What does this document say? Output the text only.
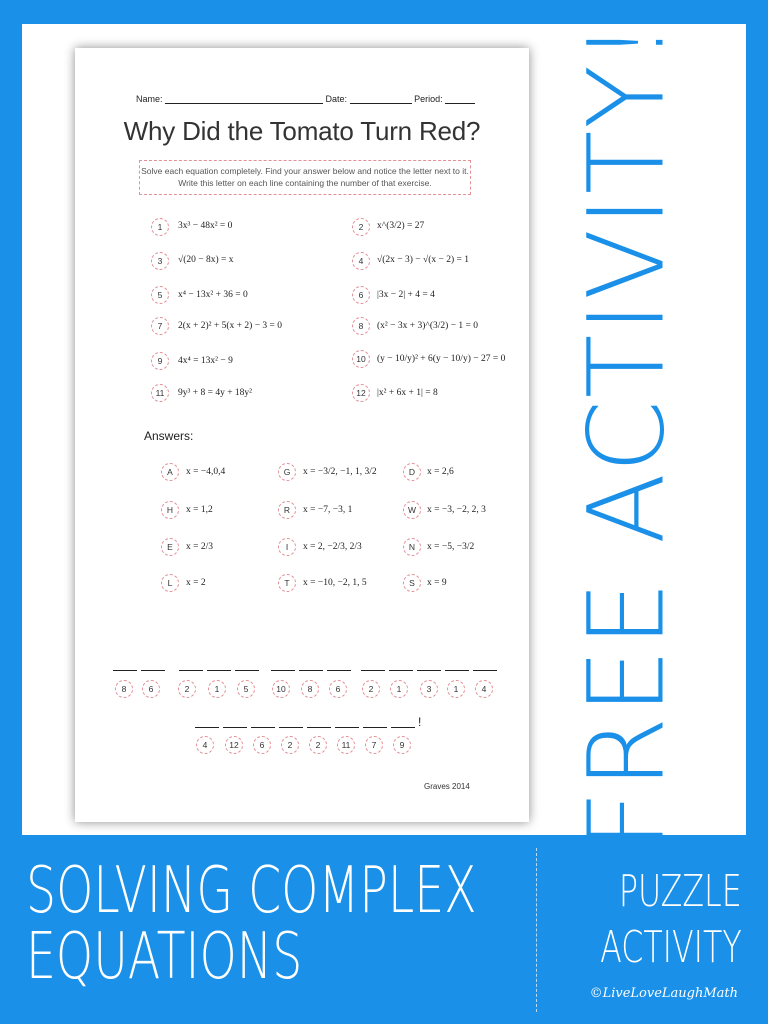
Name:	Date:	Period:
Why Did the Tomato Turn Red?
Solve each equation completely. Find your answer below and notice the letter next to it. Write this letter on each line containing the number of that exercise.
1	3x³ − 48x² = 0	2	x^(3/2) = 27
3	√(20 − 8x) = x	4	√(2x − 3) − √(x − 2) = 1
5	x⁴ − 13x² + 36 = 0	6	|3x − 2| + 4 = 4
7	2(x + 2)² + 5(x + 2) − 3 = 0	8	(x² − 3x + 3)^(3/2) − 1 = 0
9	4x⁴ = 13x² − 9	10	(y − 10/y)² + 6(y − 10/y) − 27 = 0
11	9y³ + 8 = 4y + 18y²	12	|x² + 6x + 1| = 8
Answers:
A	x = −4,0,4	G	x = −3/2, −1, 1, 3/2	D	x = 2,6
H	x = 1,2	R	x = −7, −3, 1	W	x = −3, −2, 2, 3
E	x = 2/3	I	x = 2, −2/3, 2/3	N	x = −5, −3/2
L	x = 2	T	x = −10, −2, 1, 5	S	x = 9
8	6	2	1	5	10	8	6	2	1	3	1	4
!
4	12	6	2	2	11	7	9
Graves 2014 FREE ACTIVITY!
SOLVING COMPLEX
EQUATIONS
PUZZLE
ACTIVITY
©LiveLoveLaughMath
